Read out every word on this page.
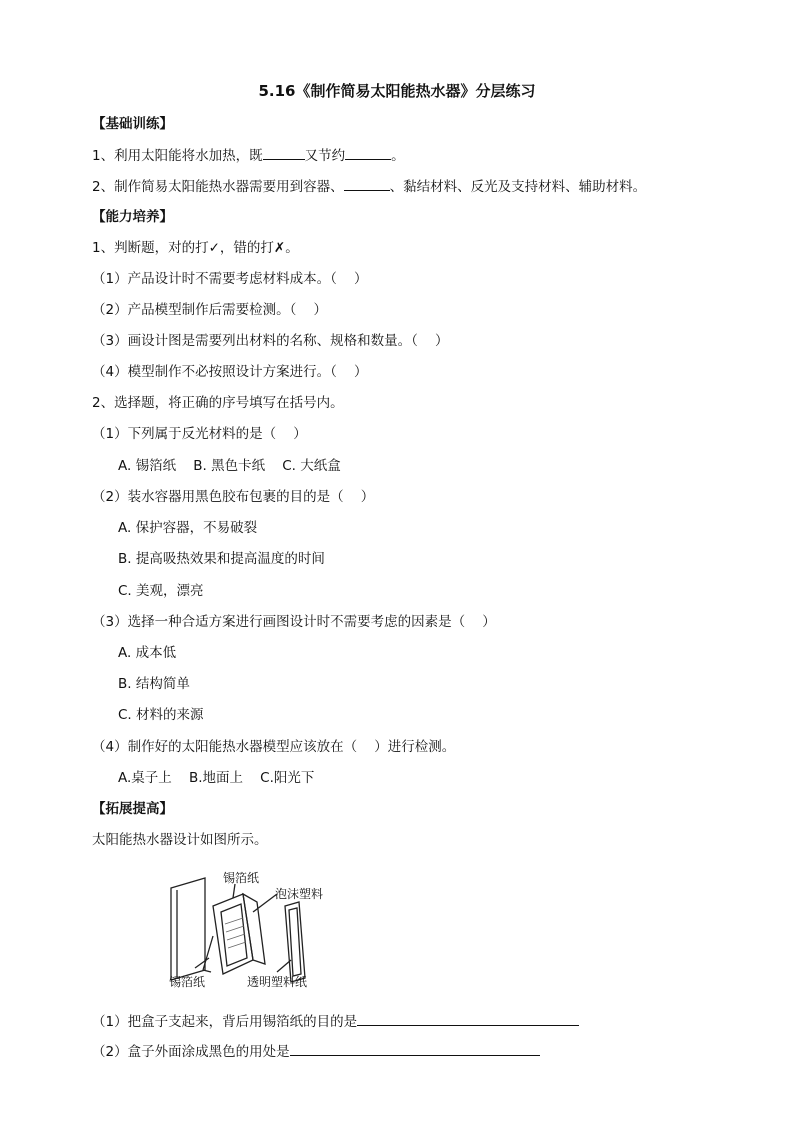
5.16《制作简易太阳能热水器》分层练习
【基础训练】
1、利用太阳能将水加热，既	又节约	。
2、制作简易太阳能热水器需要用到容器、	、黏结材料、反光及支持材料、辅助材料。
【能力培养】
1、判断题，对的打✓，错的打✗。
（1）产品设计时不需要考虑材料成本。（    ）
（2）产品模型制作后需要检测。（    ）
（3）画设计图是需要列出材料的名称、规格和数量。（    ）
（4）模型制作不必按照设计方案进行。（    ）
2、选择题，将正确的序号填写在括号内。
（1）下列属于反光材料的是（    ）
A. 锡箔纸    B. 黑色卡纸    C. 大纸盒
（2）装水容器用黑色胶布包裹的目的是（    ）
A. 保护容器，不易破裂
B. 提高吸热效果和提高温度的时间
C. 美观，漂亮
（3）选择一种合适方案进行画图设计时不需要考虑的因素是（    ）
A. 成本低
B. 结构简单
C. 材料的来源
（4）制作好的太阳能热水器模型应该放在（    ）进行检测。
A.桌子上    B.地面上    C.阳光下
【拓展提高】
太阳能热水器设计如图所示。
锡箔纸
泡沫塑料
锡箔纸	透明塑料纸
（1）把盒子支起来，背后用锡箔纸的目的是
（2）盒子外面涂成黑色的用处是
